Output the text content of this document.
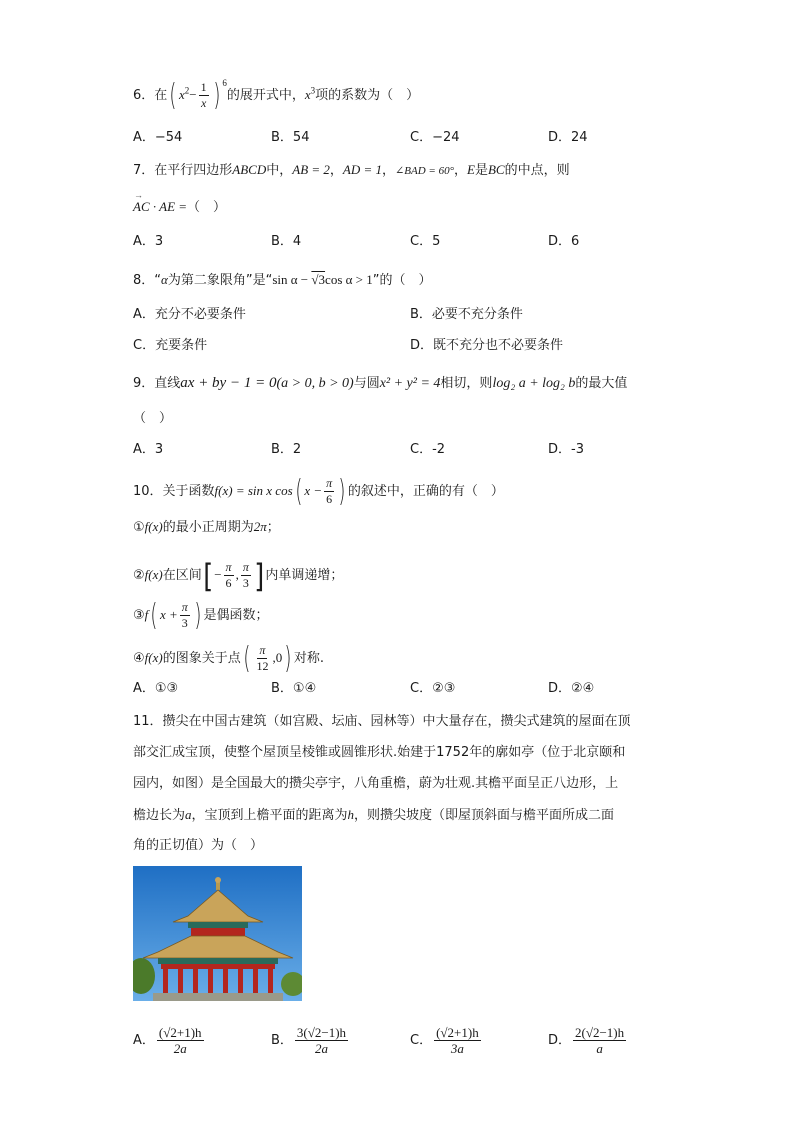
6．在( $x^2- \frac{1}{x}$ ) $^6$的展开式中，$x^3$项的系数为（　）
A．−54	B．54	C．−24	D．24
7．在平行四边形ABCD中，AB = 2，AD = 1，∠BAD = 60°，E是BC的中点，则
→ AC · AE =（　）
A．3	B．4	C．5	D．6
8．“α为第二象限角”是“sin α − √3cos α > 1”的（　）
A．充分不必要条件	B．必要不充分条件
C．充要条件	D．既不充分也不必要条件
9．直线ax + by − 1 = 0(a > 0, b > 0)与圆x² + y² = 4相切，则log₂ a + log₂ b的最大值
（　）
A．3	B．2	C．-2	D．-3
10．关于函数f(x) = sin x cos( $x - \frac{\pi}{6}$ ) 的叙述中，正确的有（　）
①f(x)的最小正周期为2π；
②f(x)在区间[− $\frac{\pi}{6}$ , $\frac{\pi}{3}$ ]内单调递增；
③f( $x + \frac{\pi}{3}$ ) 是偶函数；
④f(x)的图象关于点( $\frac{\pi}{12} ,0$) 对称.
A．①③	B．①④	C．②③	D．②④
11．攒尖在中国古建筑（如宫殿、坛庙、园林等）中大量存在，攒尖式建筑的屋面在顶
部交汇成宝顶，使整个屋顶呈棱锥或圆锥形状.始建于1752年的廓如亭（位于北京颐和
园内，如图）是全国最大的攒尖亭宇，八角重檐，蔚为壮观.其檐平面呈正八边形，上
檐边长为a，宝顶到上檐平面的距离为h，则攒尖坡度（即屋顶斜面与檐平面所成二面
角的正切值）为（　）
A． $\frac{(√2+1)h}{2a}$	B． $\frac{3(√2-1)h}{2a}$	C． $\frac{(√2+1)h}{3a}$	D． $\frac{2(√2-1)h}{a}$
